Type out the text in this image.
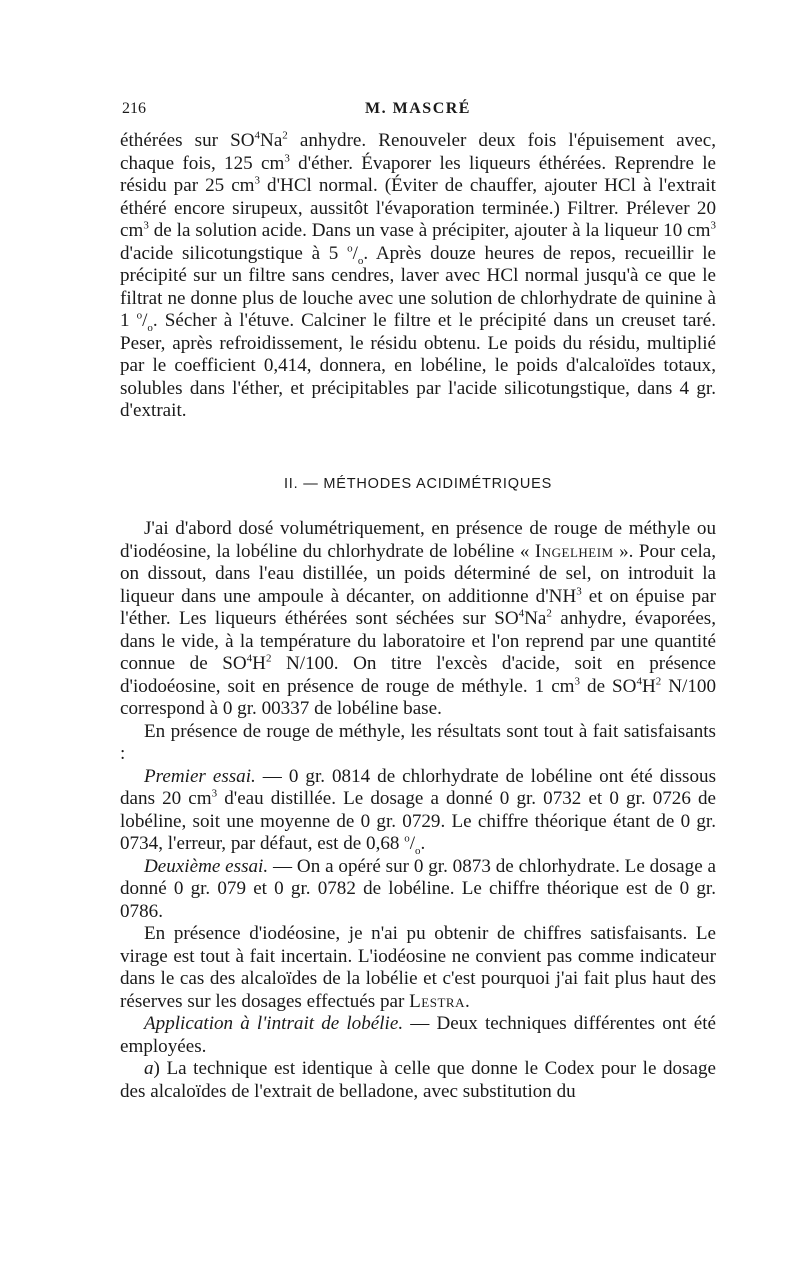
216	M. MASCRÉ

éthérées sur $SO^4Na^2$ anhydre. Renouveler deux fois l'épuisement avec, chaque fois, 125 $cm^3$ d'éther. Évaporer les liqueurs éthérées. Reprendre le résidu par 25 $cm^3$ d'HCl normal. (Éviter de chauffer, ajouter HCl à l'extrait éthéré encore sirupeux, aussitôt l'évaporation terminée.) Filtrer. Prélever 20 $cm^3$ de la solution acide. Dans un vase à précipiter, ajouter à la liqueur 10 $cm^3$ d'acide silicotungstique à 5 $^o/_o$. Après douze heures de repos, recueillir le précipité sur un filtre sans cendres, laver avec HCl normal jusqu'à ce que le filtrat ne donne plus de louche avec une solution de chlorhydrate de quinine à 1 $^o/_o$. Sécher à l'étuve. Calciner le filtre et le précipité dans un creuset taré. Peser, après refroidissement, le résidu obtenu. Le poids du résidu, multiplié par le coefficient 0,414, donnera, en lobéline, le poids d'alcaloïdes totaux, solubles dans l'éther, et précipitables par l'acide silicotungstique, dans 4 gr. d'extrait.

II. — MÉTHODES ACIDIMÉTRIQUES

J'ai d'abord dosé volumétriquement, en présence de rouge de méthyle ou d'iodéosine, la lobéline du chlorhydrate de lobéline « Ingelheim ». Pour cela, on dissout, dans l'eau distillée, un poids déterminé de sel, on introduit la liqueur dans une ampoule à décanter, on additionne $d'NH^3$ et on épuise par l'éther. Les liqueurs éthérées sont séchées sur $SO^4Na^2$ anhydre, évaporées, dans le vide, à la température du laboratoire et l'on reprend par une quantité connue de $SO^4H^2$ N/100. On titre l'excès d'acide, soit en présence d'iodoéosine, soit en présence de rouge de méthyle. 1 $cm^3$ de $SO^4H^2$ N/100 correspond à 0 gr. 00337 de lobéline base.

En présence de rouge de méthyle, les résultats sont tout à fait satisfaisants :

Premier essai. — 0 gr. 0814 de chlorhydrate de lobéline ont été dissous dans 20 $cm^3$ d'eau distillée. Le dosage a donné 0 gr. 0732 et 0 gr. 0726 de lobéline, soit une moyenne de 0 gr. 0729. Le chiffre théorique étant de 0 gr. 0734, l'erreur, par défaut, est de 0,68 $^o/_o$.

Deuxième essai. — On a opéré sur 0 gr. 0873 de chlorhydrate. Le dosage a donné 0 gr. 079 et 0 gr. 0782 de lobéline. Le chiffre théorique est de 0 gr. 0786.

En présence d'iodéosine, je n'ai pu obtenir de chiffres satisfaisants. Le virage est tout à fait incertain. L'iodéosine ne convient pas comme indicateur dans le cas des alcaloïdes de la lobélie et c'est pourquoi j'ai fait plus haut des réserves sur les dosages effectués par Lestra.

Application à l'intrait de lobélie. — Deux techniques différentes ont été employées.

a) La technique est identique à celle que donne le Codex pour le dosage des alcaloïdes de l'extrait de belladone, avec substitution du
